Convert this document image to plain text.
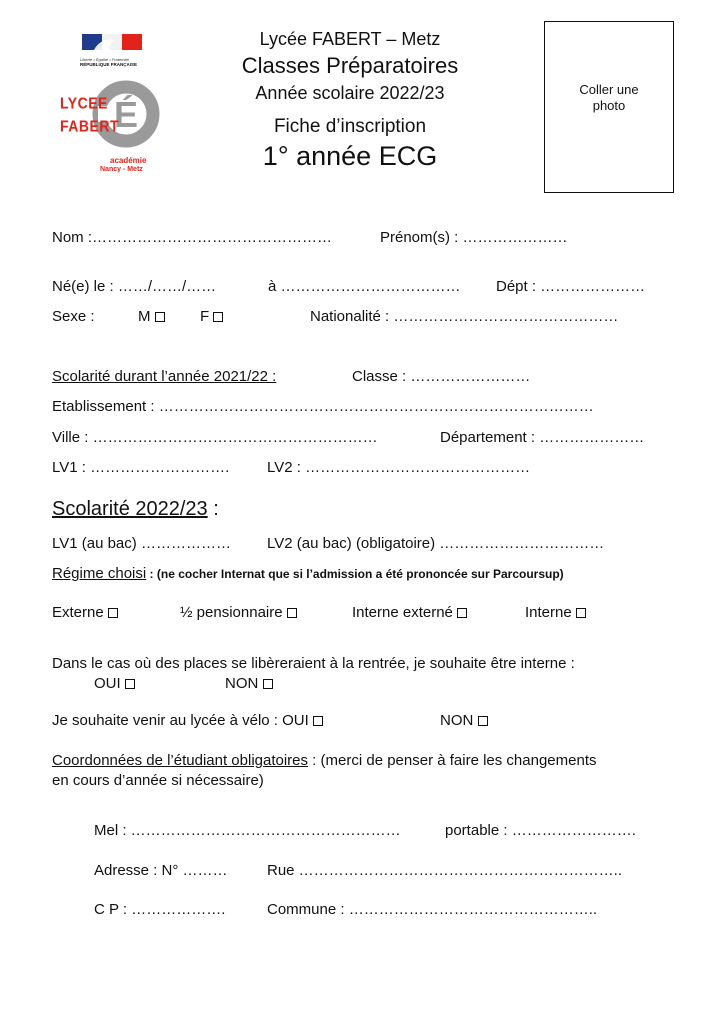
Liberté • Égalité • Fraternité
RÉPUBLIQUE FRANÇAISE
É
LYCEE
FABERT
académie
Nancy - Metz
Lycée FABERT – Metz
Classes Préparatoires
Année scolaire 2022/23
Fiche d’inscription
1° année ECG
Coller une
photo
Nom :…………………………………………	Prénom(s) : …………………
Né(e) le : ……/……/……	à ……………………………… Dépt : …………………
Sexe :	M	F	Nationalité : ………………………………………
Scolarité durant l’année 2021/22 :	Classe : ……………………
Etablissement : ……………………………………………………………………………
Ville : …………………………………………………	Département : …………………
LV1 : ……………………….	LV2 : ………………………………………
Scolarité 2022/23 :
LV1 (au bac) ……………… LV2 (au bac) (obligatoire) ……………………………
Régime choisi : (ne cocher Internat que si l’admission a été prononcée sur Parcoursup)
Externe	½ pensionnaire	Interne externé	Interne
Dans le cas où des places se libèreraient à la rentrée, je souhaite être interne :
OUI	NON
Je souhaite venir au lycée à vélo : OUI	NON
Coordonnées de l’étudiant obligatoires : (merci de penser à faire les changements
en cours d’année si nécessaire)
Mel : ………………………………………………	portable : …………………….
Adresse : N° ………	Rue ………………………………………………………..
C P : ……………….	Commune : …………………………………………..
